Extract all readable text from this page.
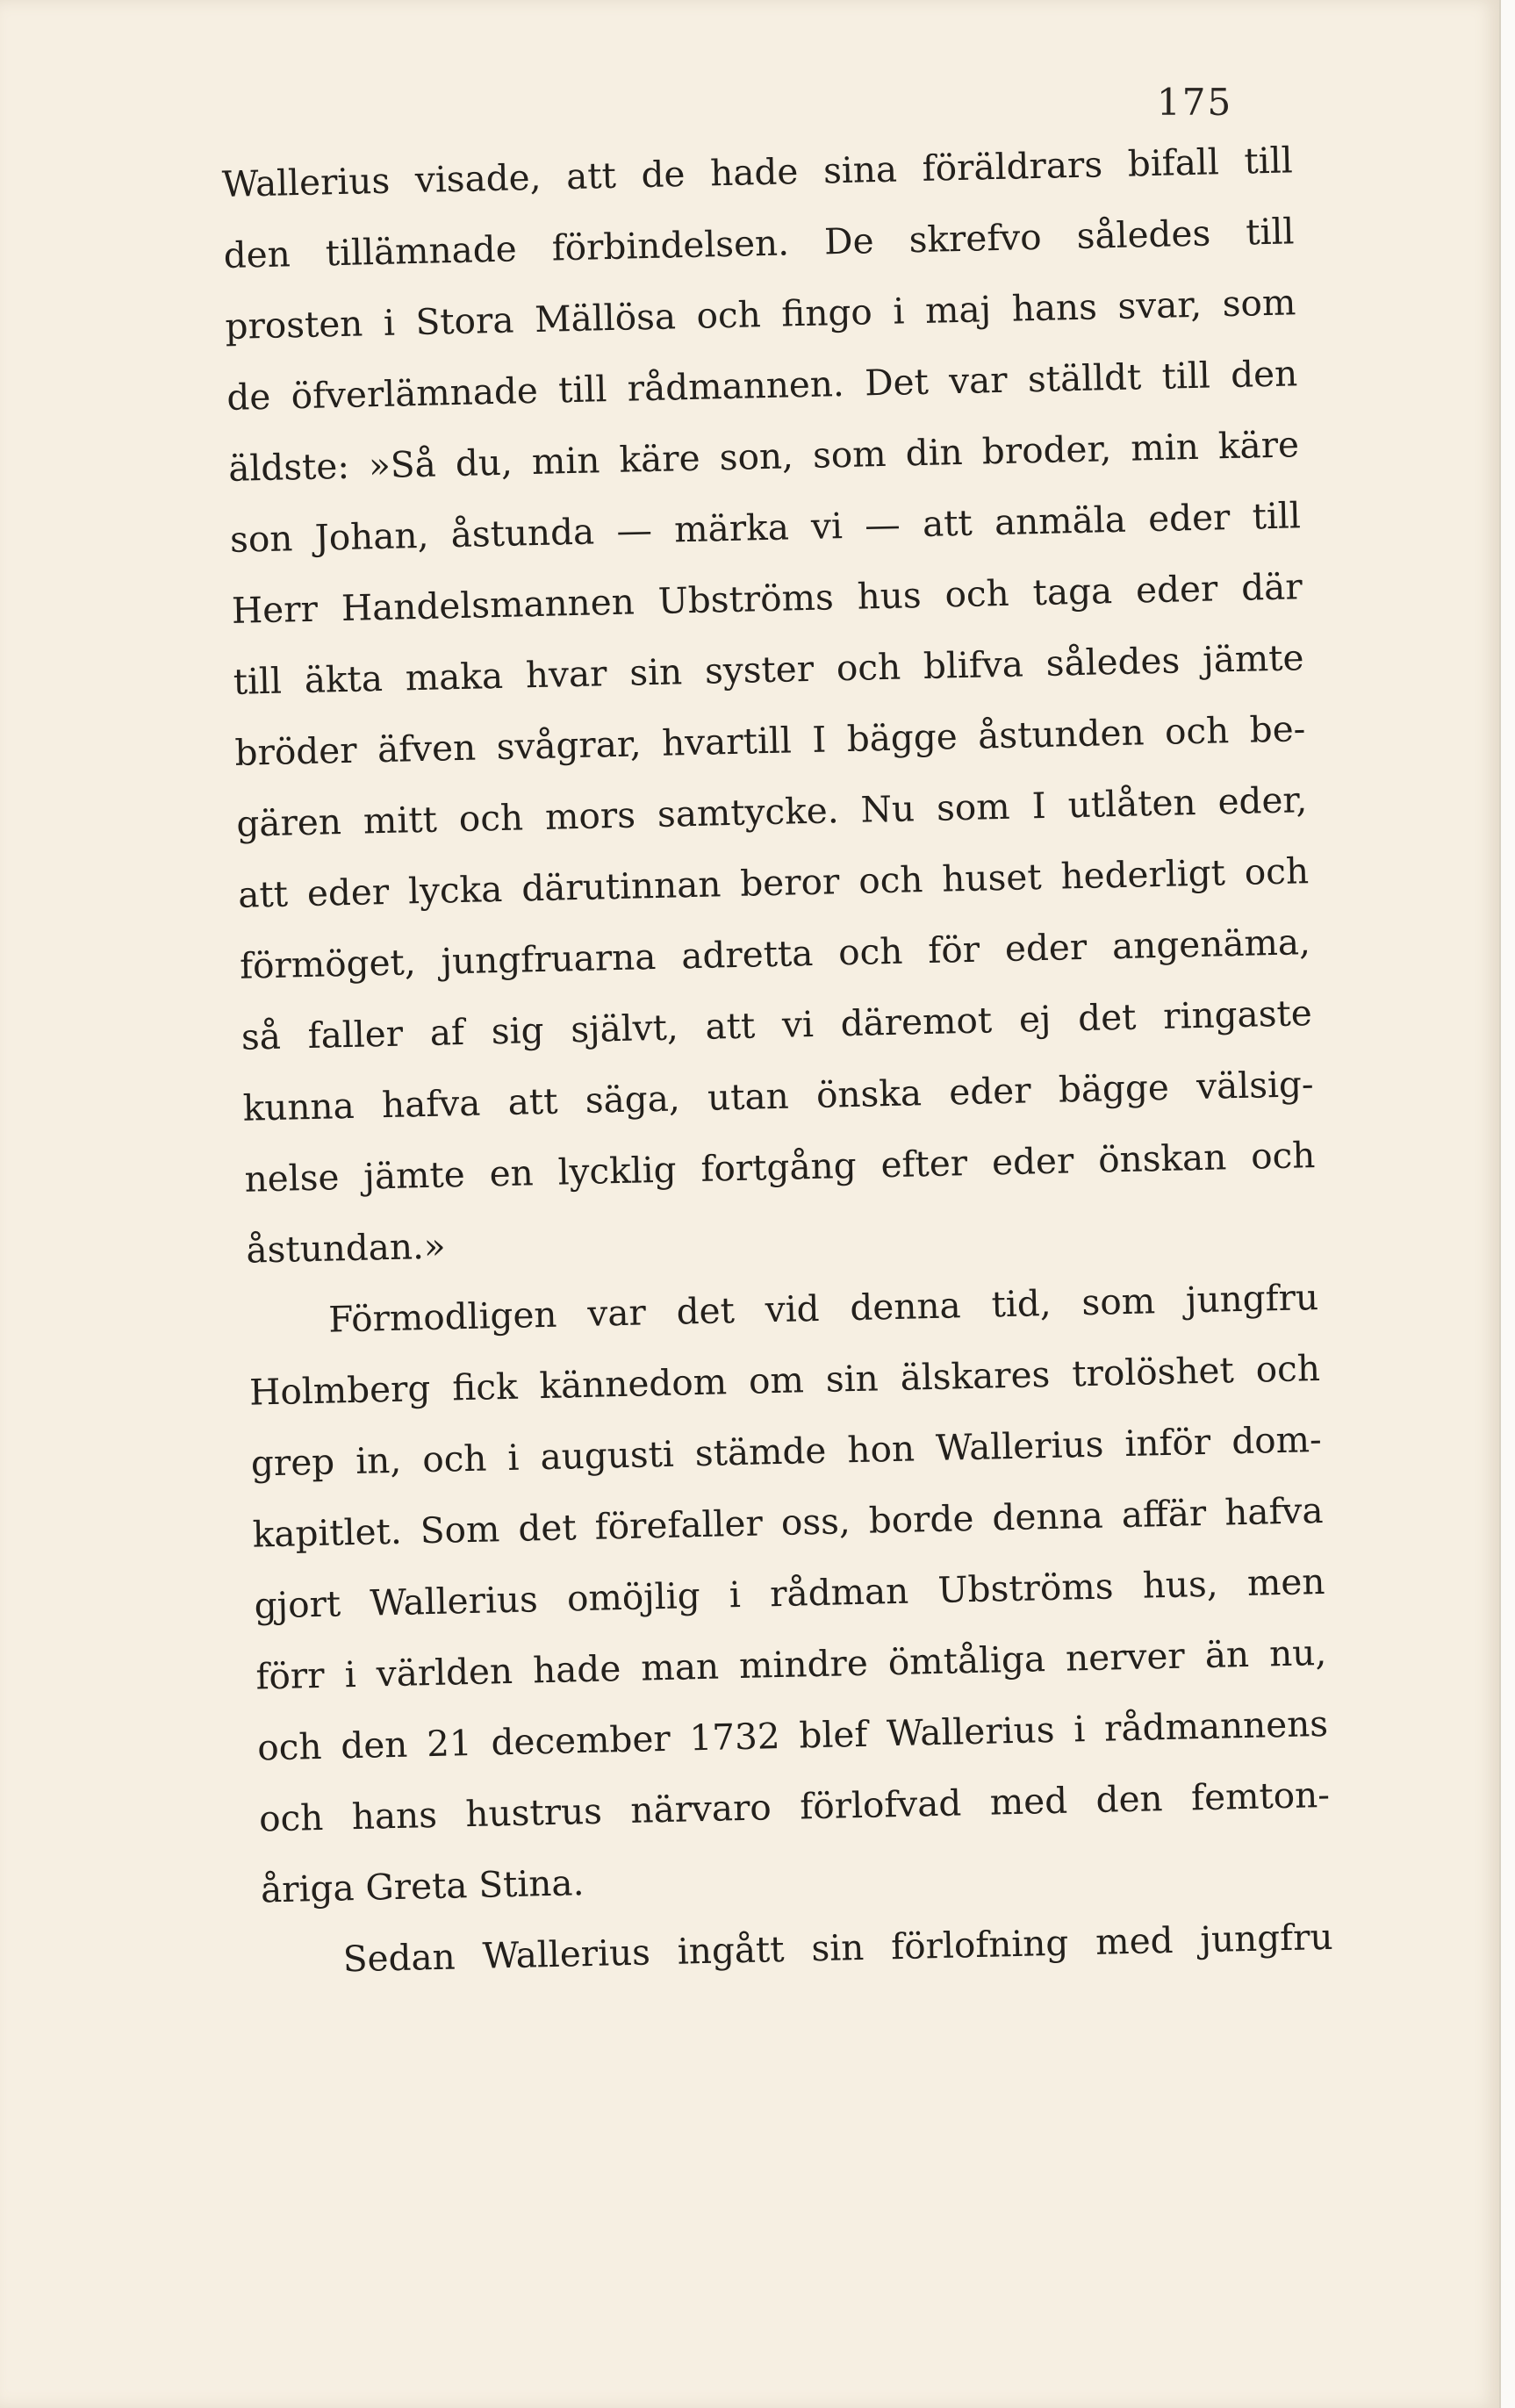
175
Wallerius visade, att de hade sina föräldrars bifall till
den tillämnade förbindelsen. De skrefvo således till
prosten i Stora Mällösa och fingo i maj hans svar, som
de öfverlämnade till rådmannen. Det var ställdt till den
äldste: »Så du, min käre son, som din broder, min käre
son Johan, åstunda — märka vi — att anmäla eder till
Herr Handelsmannen Ubströms hus och taga eder där
till äkta maka hvar sin syster och blifva således jämte
bröder äfven svågrar, hvartill I bägge åstunden och be-
gären mitt och mors samtycke. Nu som I utlåten eder,
att eder lycka därutinnan beror och huset hederligt och
förmöget, jungfruarna adretta och för eder angenäma,
så faller af sig självt, att vi däremot ej det ringaste
kunna hafva att säga, utan önska eder bägge välsig-
nelse jämte en lycklig fortgång efter eder önskan och
åstundan.»
Förmodligen var det vid denna tid, som jungfru
Holmberg fick kännedom om sin älskares trolöshet och
grep in, och i augusti stämde hon Wallerius inför dom-
kapitlet. Som det förefaller oss, borde denna affär hafva
gjort Wallerius omöjlig i rådman Ubströms hus, men
förr i världen hade man mindre ömtåliga nerver än nu,
och den 21 december 1732 blef Wallerius i rådmannens
och hans hustrus närvaro förlofvad med den femton-
åriga Greta Stina.
Sedan Wallerius ingått sin förlofning med jungfru
